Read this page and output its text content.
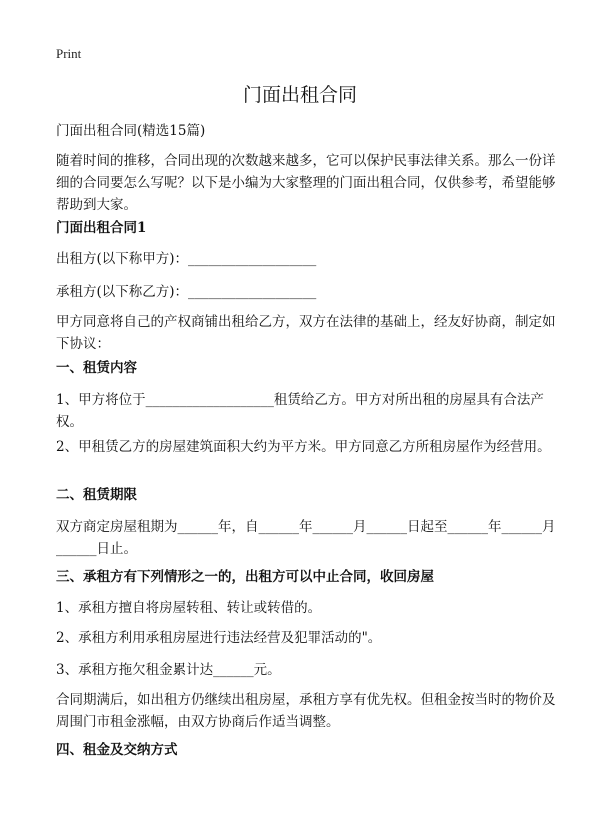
Print
门面出租合同

门面出租合同(精选15篇)

随着时间的推移，合同出现的次数越来越多，它可以保护民事法律关系。那么一份详细的合同要怎么写呢？以下是小编为大家整理的门面出租合同，仅供参考，希望能够帮助到大家。

门面出租合同1

出租方(以下称甲方)：___________________

承租方(以下称乙方)：___________________

甲方同意将自己的产权商铺出租给乙方，双方在法律的基础上，经友好协商，制定如下协议：

一、租赁内容

1、甲方将位于___________________租赁给乙方。甲方对所出租的房屋具有合法产权。

2、甲租赁乙方的房屋建筑面积大约为平方米。甲方同意乙方所租房屋作为经营用。

二、租赁期限

双方商定房屋租期为______年，自______年______月______日起至______年______月______日止。

三、承租方有下列情形之一的，出租方可以中止合同，收回房屋

1、承租方擅自将房屋转租、转让或转借的。

2、承租方利用承租房屋进行违法经营及犯罪活动的"。

3、承租方拖欠租金累计达______元。

合同期满后，如出租方仍继续出租房屋，承租方享有优先权。但租金按当时的物价及周围门市租金涨幅，由双方协商后作适当调整。

四、租金及交纳方式
